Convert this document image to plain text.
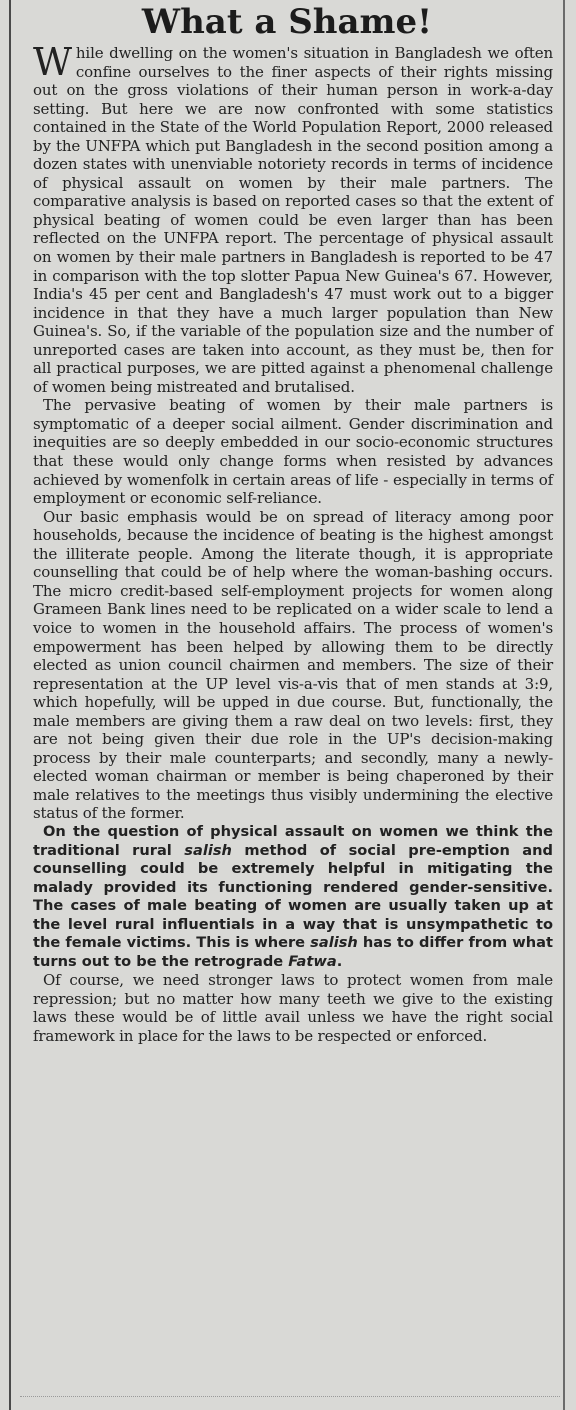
What a Shame!

While dwelling on the women's situation in Bangladesh we often confine ourselves to the finer aspects of their rights missing out on the gross violations of their human person in work-a-day setting. But here we are now confronted with some statistics contained in the State of the World Population Report, 2000 released by the UNFPA which put Bangladesh in the second position among a dozen states with unenviable notoriety records in terms of incidence of physical assault on women by their male partners. The comparative analysis is based on reported cases so that the extent of physical beating of women could be even larger than has been reflected on the UNFPA report. The percentage of physical assault on women by their male partners in Bangladesh is reported to be 47 in comparison with the top slotter Papua New Guinea's 67. However, India's 45 per cent and Bangladesh's 47 must work out to a bigger incidence in that they have a much larger population than New Guinea's. So, if the variable of the population size and the number of unreported cases are taken into account, as they must be, then for all practical purposes, we are pitted against a phenomenal challenge of women being mistreated and brutalised.

The pervasive beating of women by their male partners is symptomatic of a deeper social ailment. Gender discrimination and inequities are so deeply embedded in our socio-economic structures that these would only change forms when resisted by advances achieved by womenfolk in certain areas of life - especially in terms of employment or economic self-reliance.

Our basic emphasis would be on spread of literacy among poor households, because the incidence of beating is the highest amongst the illiterate people. Among the literate though, it is appropriate counselling that could be of help where the woman-bashing occurs. The micro credit-based self-employment projects for women along Grameen Bank lines need to be replicated on a wider scale to lend a voice to women in the household affairs. The process of women's empowerment has been helped by allowing them to be directly elected as union council chairmen and members. The size of their representation at the UP level vis-a-vis that of men stands at 3:9, which hopefully, will be upped in due course. But, functionally, the male members are giving them a raw deal on two levels: first, they are not being given their due role in the UP's decision-making process by their male counterparts; and secondly, many a newly-elected woman chairman or member is being chaperoned by their male relatives to the meetings thus visibly undermining the elective status of the former.

On the question of physical assault on women we think the traditional rural salish method of social pre-emption and counselling could be extremely helpful in mitigating the malady provided its functioning rendered gender-sensitive. The cases of male beating of women are usually taken up at the level rural influentials in a way that is unsympathetic to the female victims. This is where salish has to differ from what turns out to be the retrograde Fatwa.

Of course, we need stronger laws to protect women from male repression; but no matter how many teeth we give to the existing laws these would be of little avail unless we have the right social framework in place for the laws to be respected or enforced.
